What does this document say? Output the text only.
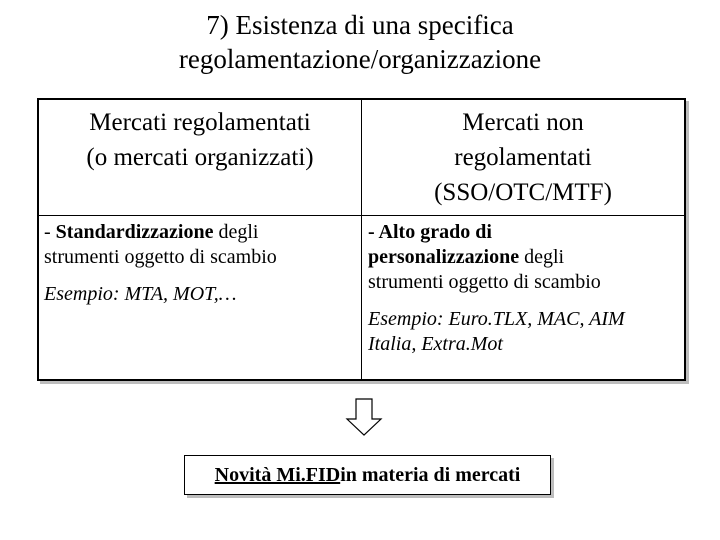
7) Esistenza di una specifica
regolamentazione/organizzazione
Mercati regolamentati
(o mercati organizzati)
Mercati non
regolamentati
(SSO/OTC/MTF)
- Standardizzazione degli
strumenti oggetto di scambio
Esempio: MTA, MOT,…
- Alto grado di
personalizzazione degli
strumenti oggetto di scambio
Esempio: Euro.TLX, MAC, AIM
Italia, Extra.Mot
Novità Mi.FID in materia di mercati
